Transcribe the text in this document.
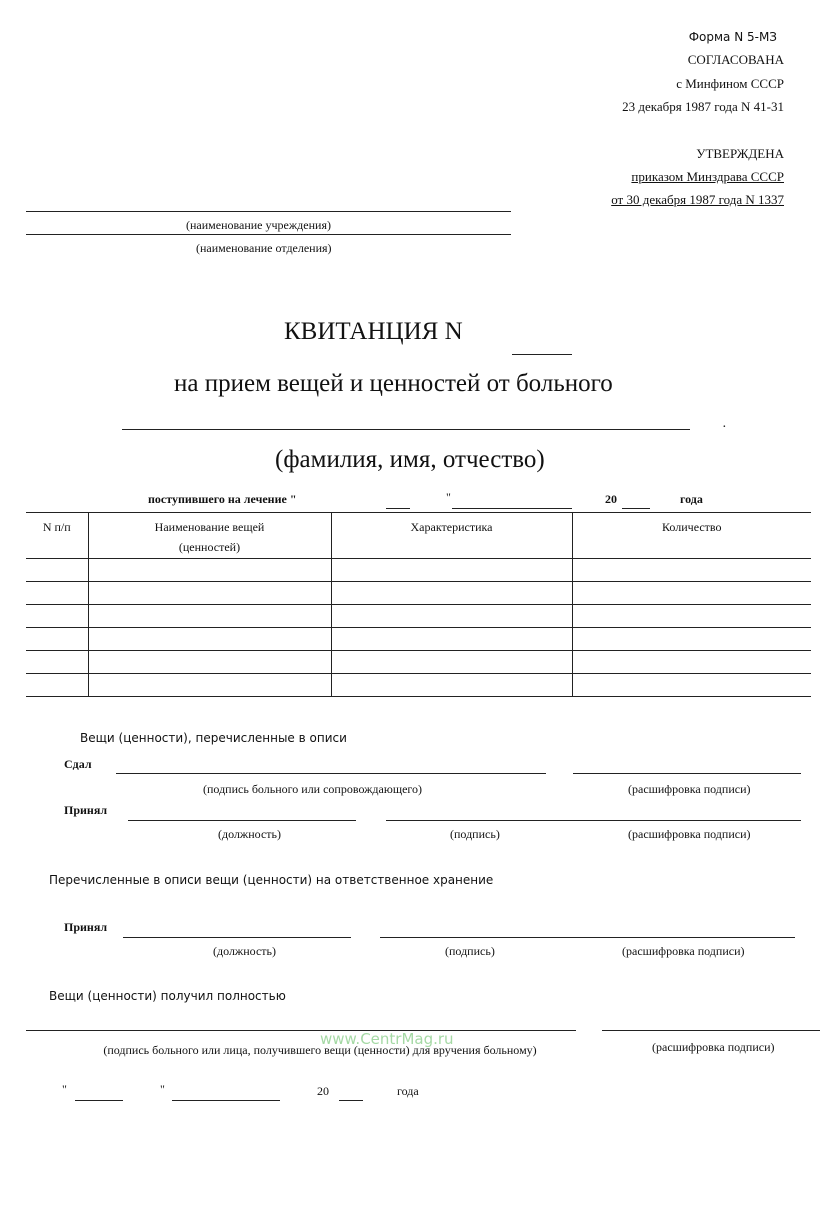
Форма N 5-МЗ
СОГЛАСОВАНА
с Минфином СССР
23 декабря 1987 года N 41-31
УТВЕРЖДЕНА
приказом Минздрава СССР
от 30 декабря 1987 года N 1337
(наименование учреждения)
(наименование отделения)
КВИТАНЦИЯ N
на прием вещей и ценностей от больного
·
(фамилия, имя, отчество)
поступившего на лечение "	"	20	года
N п/п	Наименование вещей (ценностей)	Характеристика	Количество

Вещи (ценности), перечисленные в описи
Сдал
(подпись больного или сопровождающего)	(расшифровка подписи)
Принял
(должность)	(подпись)	(расшифровка подписи)
Перечисленные в описи вещи (ценности) на ответственное хранение
Принял
(должность)	(подпись)	(расшифровка подписи)
Вещи (ценности) получил полностью
www.CentrMag.ru
(подпись больного или лица, получившего вещи (ценности) для вручения больному)	(расшифровка подписи)
"	"	20	года
